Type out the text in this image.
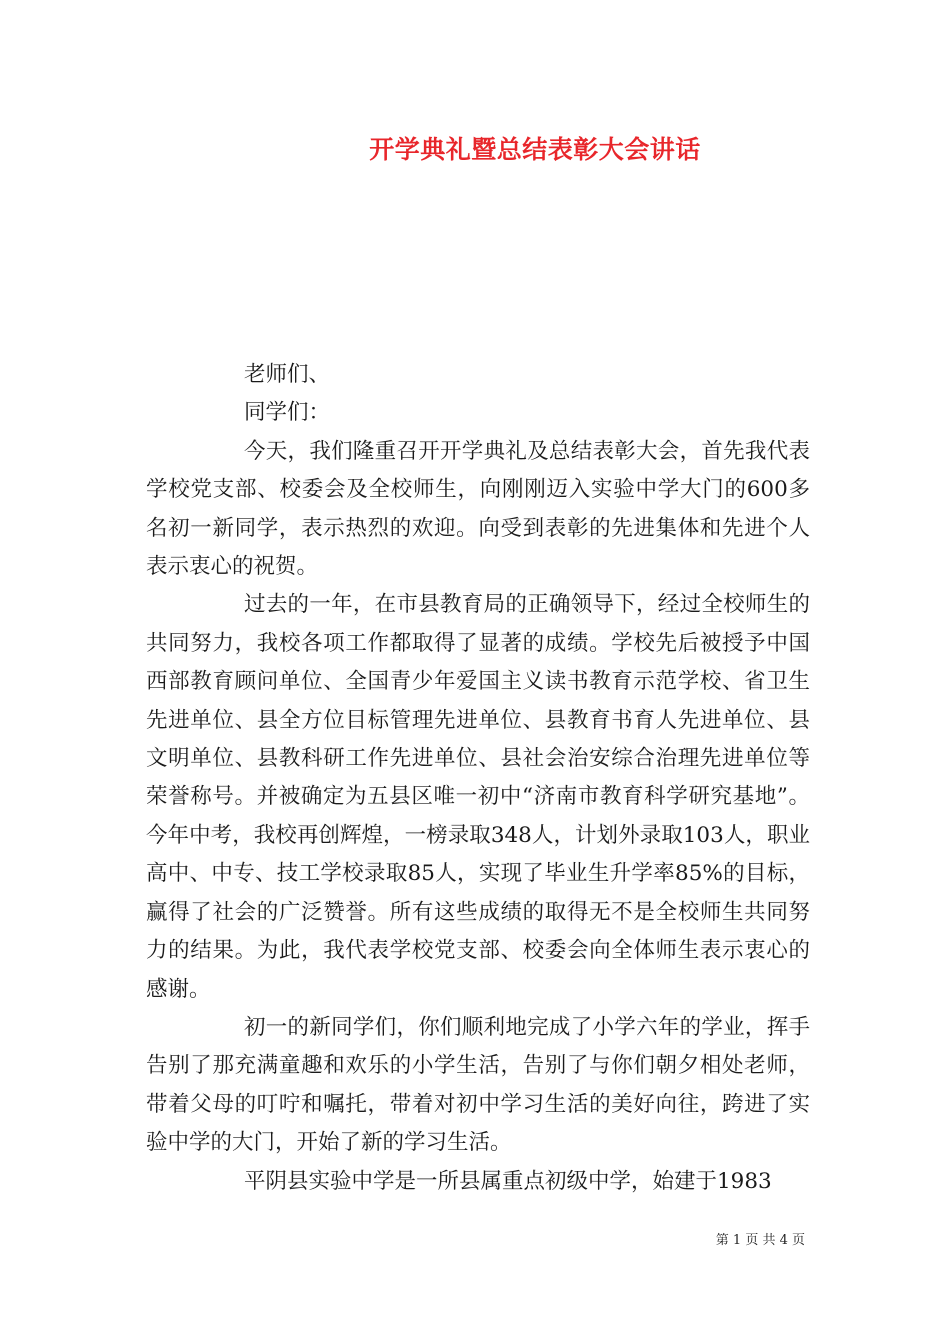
开学典礼暨总结表彰大会讲话

老师们、

同学们：

今天，我们隆重召开开学典礼及总结表彰大会，首先我代表学校党支部、校委会及全校师生，向刚刚迈入实验中学大门的600多名初一新同学，表示热烈的欢迎。向受到表彰的先进集体和先进个人表示衷心的祝贺。

过去的一年，在市县教育局的正确领导下，经过全校师生的共同努力，我校各项工作都取得了显著的成绩。学校先后被授予中国西部教育顾问单位、全国青少年爱国主义读书教育示范学校、省卫生先进单位、县全方位目标管理先进单位、县教育书育人先进单位、县文明单位、县教科研工作先进单位、县社会治安综合治理先进单位等荣誉称号。并被确定为五县区唯一初中“济南市教育科学研究基地”。今年中考，我校再创辉煌，一榜录取348人，计划外录取103人，职业高中、中专、技工学校录取85人，实现了毕业生升学率85%的目标，赢得了社会的广泛赞誉。所有这些成绩的取得无不是全校师生共同努力的结果。为此，我代表学校党支部、校委会向全体师生表示衷心的感谢。

初一的新同学们，你们顺利地完成了小学六年的学业，挥手告别了那充满童趣和欢乐的小学生活，告别了与你们朝夕相处老师，带着父母的叮咛和嘱托，带着对初中学习生活的美好向往，跨进了实验中学的大门，开始了新的学习生活。

平阴县实验中学是一所县属重点初级中学，始建于1983

第 1 页 共 4 页
